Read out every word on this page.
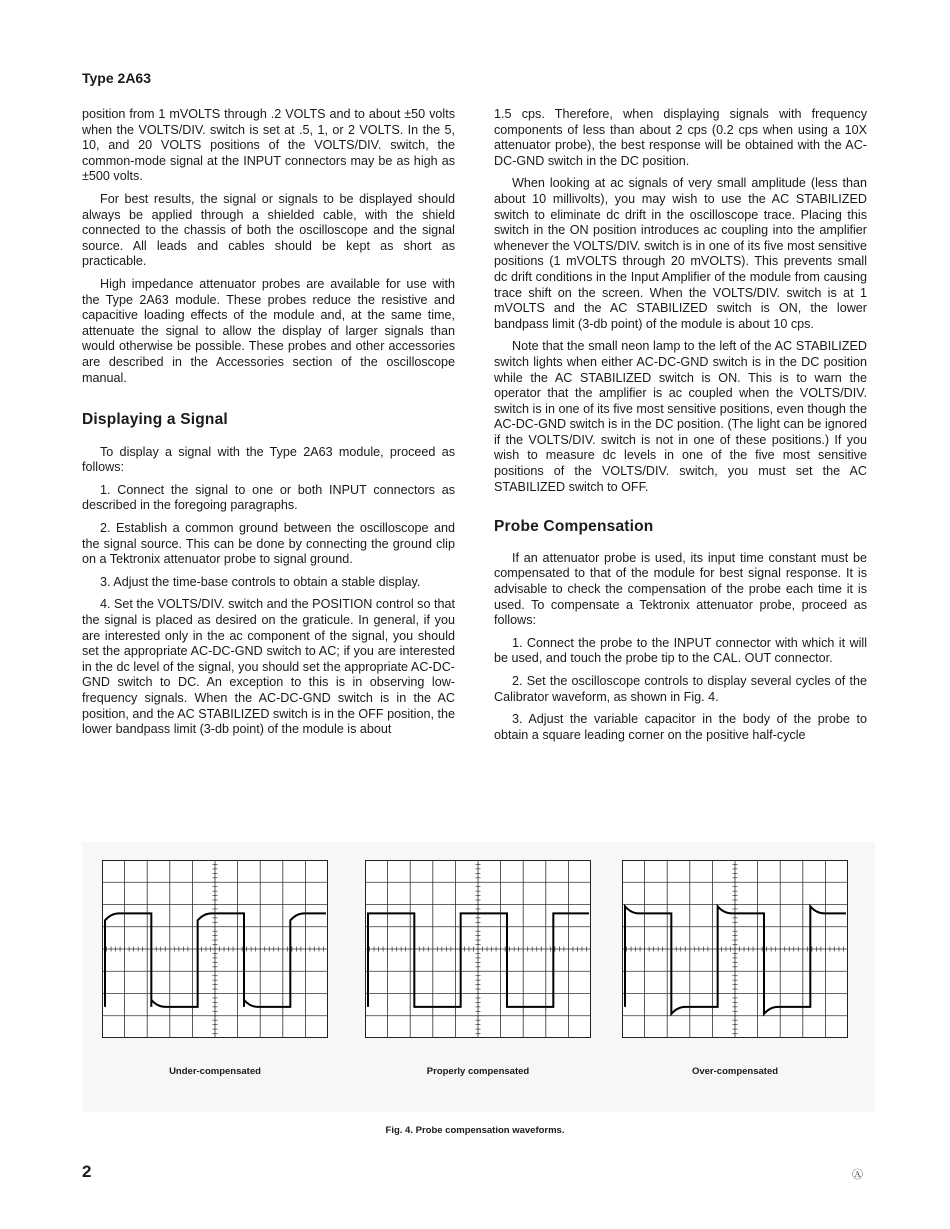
Type 2A63

position from 1 mVOLTS through .2 VOLTS and to about ±50 volts when the VOLTS/DIV. switch is set at .5, 1, or 2 VOLTS. In the 5, 10, and 20 VOLTS positions of the VOLTS/DIV. switch, the common-mode signal at the INPUT connectors may be as high as ±500 volts.

For best results, the signal or signals to be displayed should always be applied through a shielded cable, with the shield connected to the chassis of both the oscilloscope and the signal source. All leads and cables should be kept as short as practicable.

High impedance attenuator probes are available for use with the Type 2A63 module. These probes reduce the resistive and capacitive loading effects of the module and, at the same time, attenuate the signal to allow the display of larger signals than would otherwise be possible. These probes and other accessories are described in the Accessories section of the oscilloscope manual.

Displaying a Signal

To display a signal with the Type 2A63 module, proceed as follows:

1. Connect the signal to one or both INPUT connectors as described in the foregoing paragraphs.

2. Establish a common ground between the oscilloscope and the signal source. This can be done by connecting the ground clip on a Tektronix attenuator probe to signal ground.

3. Adjust the time-base controls to obtain a stable display.

4. Set the VOLTS/DIV. switch and the POSITION control so that the signal is placed as desired on the graticule. In general, if you are interested only in the ac component of the signal, you should set the appropriate AC-DC-GND switch to AC; if you are interested in the dc level of the signal, you should set the appropriate AC-DC-GND switch to DC. An exception to this is in observing low-frequency signals. When the AC-DC-GND switch is in the AC position, and the AC STABILIZED switch is in the OFF position, the lower bandpass limit (3-db point) of the module is about

1.5 cps. Therefore, when displaying signals with frequency components of less than about 2 cps (0.2 cps when using a 10X attenuator probe), the best response will be obtained with the AC-DC-GND switch in the DC position.

When looking at ac signals of very small amplitude (less than about 10 millivolts), you may wish to use the AC STABILIZED switch to eliminate dc drift in the oscilloscope trace. Placing this switch in the ON position introduces ac coupling into the amplifier whenever the VOLTS/DIV. switch is in one of its five most sensitive positions (1 mVOLTS through 20 mVOLTS). This prevents small dc drift conditions in the Input Amplifier of the module from causing trace shift on the screen. When the VOLTS/DIV. switch is at 1 mVOLTS and the AC STABILIZED switch is ON, the lower bandpass limit (3-db point) of the module is about 10 cps.

Note that the small neon lamp to the left of the AC STABILIZED switch lights when either AC-DC-GND switch is in the DC position while the AC STABILIZED switch is ON. This is to warn the operator that the amplifier is ac coupled when the VOLTS/DIV. switch is in one of its five most sensitive positions, even though the AC-DC-GND switch is in the DC position. (The light can be ignored if the VOLTS/DIV. switch is not in one of these positions.) If you wish to measure dc levels in one of the five most sensitive positions of the VOLTS/DIV. switch, you must set the AC STABILIZED switch to OFF.

Probe Compensation

If an attenuator probe is used, its input time constant must be compensated to that of the module for best signal response. It is advisable to check the compensation of the probe each time it is used. To compensate a Tektronix attenuator probe, proceed as follows:

1. Connect the probe to the INPUT connector with which it will be used, and touch the probe tip to the CAL. OUT connector.

2. Set the oscilloscope controls to display several cycles of the Calibrator waveform, as shown in Fig. 4.

3. Adjust the variable capacitor in the body of the probe to obtain a square leading corner on the positive half-cycle

Under-compensated	Properly compensated	Over-compensated
Fig. 4. Probe compensation waveforms.
2	Ⓐ
